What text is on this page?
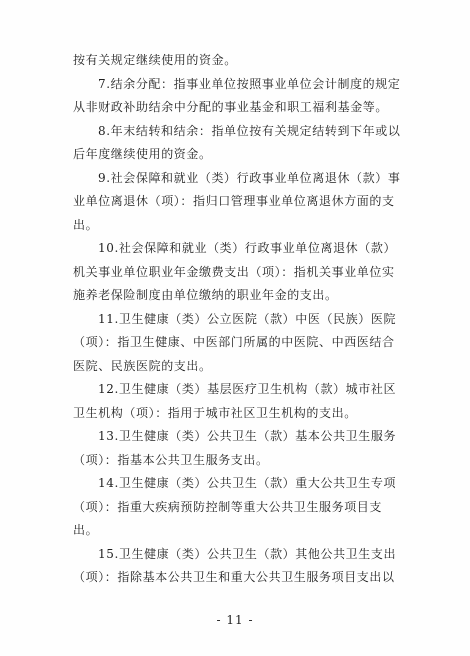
按有关规定继续使用的资金。
7.结余分配：指事业单位按照事业单位会计制度的规定
从非财政补助结余中分配的事业基金和职工福利基金等。
8.年末结转和结余：指单位按有关规定结转到下年或以
后年度继续使用的资金。
9.社会保障和就业（类）行政事业单位离退休（款）事
业单位离退休（项）：指归口管理事业单位离退休方面的支
出。
10.社会保障和就业（类）行政事业单位离退休（款）
机关事业单位职业年金缴费支出（项）：指机关事业单位实
施养老保险制度由单位缴纳的职业年金的支出。
11.卫生健康（类）公立医院（款）中医（民族）医院
（项）：指卫生健康、中医部门所属的中医院、中西医结合
医院、民族医院的支出。
12.卫生健康（类）基层医疗卫生机构（款）城市社区
卫生机构（项）：指用于城市社区卫生机构的支出。
13.卫生健康（类）公共卫生（款）基本公共卫生服务
（项）：指基本公共卫生服务支出。
14.卫生健康（类）公共卫生（款）重大公共卫生专项
（项）：指重大疾病预防控制等重大公共卫生服务项目支
出。
15.卫生健康（类）公共卫生（款）其他公共卫生支出
（项）：指除基本公共卫生和重大公共卫生服务项目支出以
- 11 -
